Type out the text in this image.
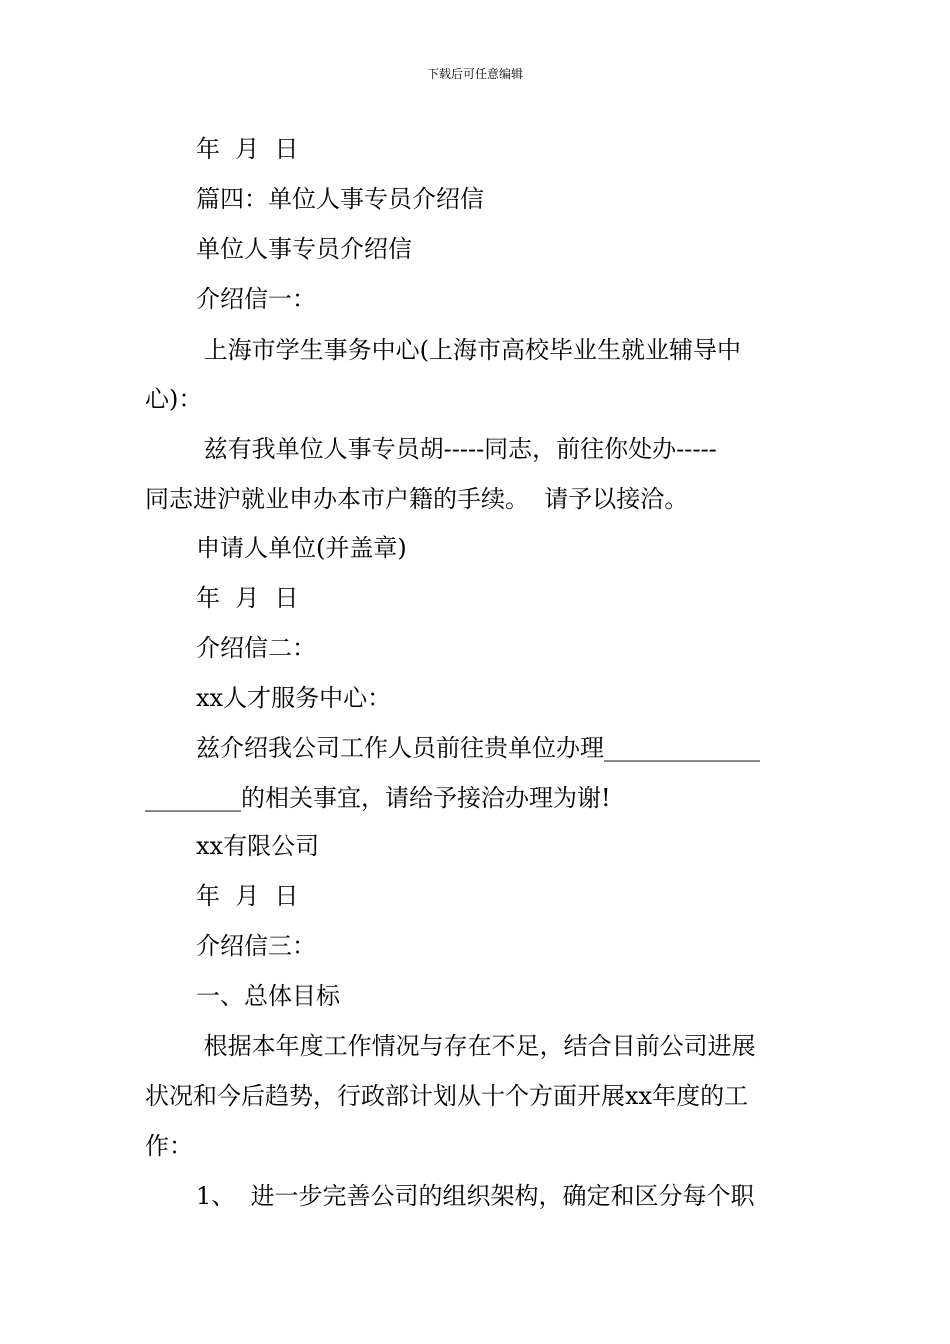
下载后可任意编辑
年  月  日
篇四：单位人事专员介绍信
单位人事专员介绍信
介绍信一：
上海市学生事务中心(上海市高校毕业生就业辅导中
心)：
兹有我单位人事专员胡-----同志，前往你处办-----
同志进沪就业申办本市户籍的手续。  请予以接洽。
申请人单位(并盖章)
年  月  日
介绍信二：
xx人才服务中心：
兹介绍我公司工作人员前往贵单位办理_____________
________的相关事宜，请给予接洽办理为谢!
xx有限公司
年  月  日
介绍信三：
一、总体目标
根据本年度工作情况与存在不足，结合目前公司进展
状况和今后趋势，行政部计划从十个方面开展xx年度的工
作：
1、  进一步完善公司的组织架构，确定和区分每个职
